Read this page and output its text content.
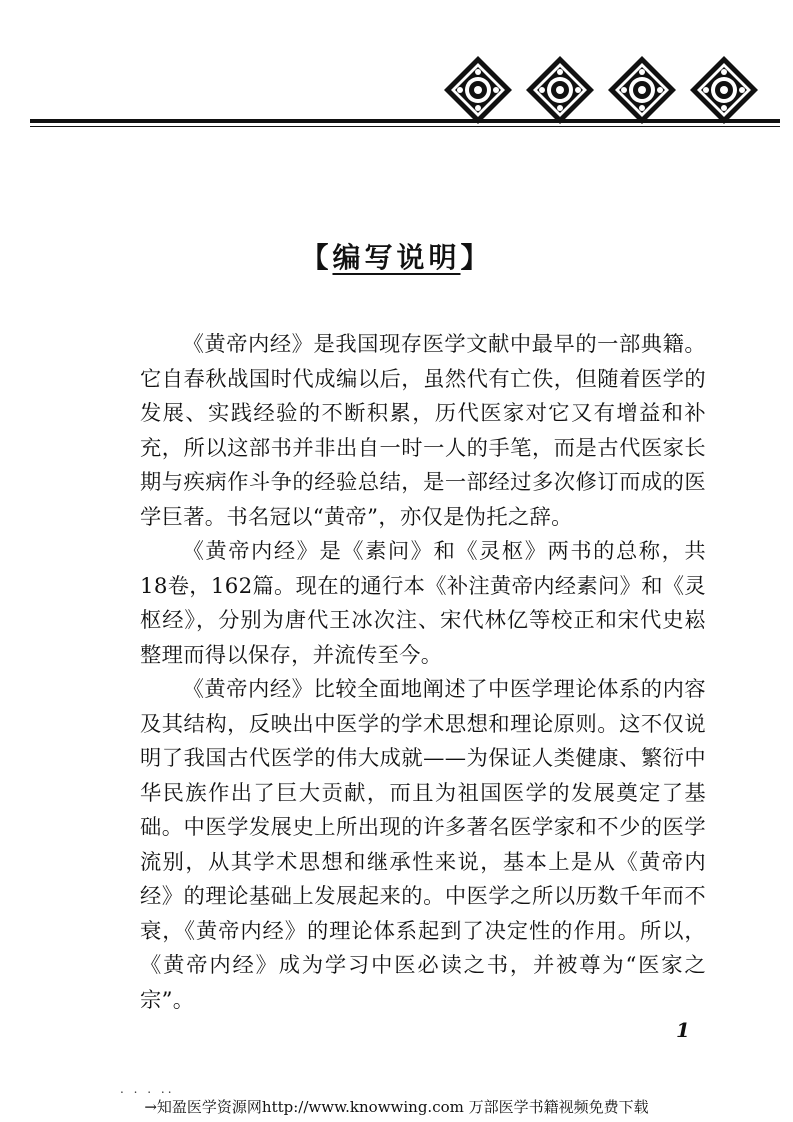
【编写说明】

《黄帝内经》是我国现存医学文献中最早的一部典籍。它自春秋战国时代成编以后，虽然代有亡佚，但随着医学的发展、实践经验的不断积累，历代医家对它又有增益和补充，所以这部书并非出自一时一人的手笔，而是古代医家长期与疾病作斗争的经验总结，是一部经过多次修订而成的医学巨著。书名冠以“黄帝”，亦仅是伪托之辞。

《黄帝内经》是《素问》和《灵枢》两书的总称，共18卷，162篇。现在的通行本《补注黄帝内经素问》和《灵枢经》，分别为唐代王冰次注、宋代林亿等校正和宋代史崧整理而得以保存，并流传至今。

《黄帝内经》比较全面地阐述了中医学理论体系的内容及其结构，反映出中医学的学术思想和理论原则。这不仅说明了我国古代医学的伟大成就——为保证人类健康、繁衍中华民族作出了巨大贡献，而且为祖国医学的发展奠定了基础。中医学发展史上所出现的许多著名医学家和不少的医学流别，从其学术思想和继承性来说，基本上是从《黄帝内经》的理论基础上发展起来的。中医学之所以历数千年而不衰，《黄帝内经》的理论体系起到了决定性的作用。所以，《黄帝内经》成为学习中医必读之书，并被尊为“医家之宗”。

1
. . . ..
→知盈医学资源网http://www.knowwing.com 万部医学书籍视频免费下载
